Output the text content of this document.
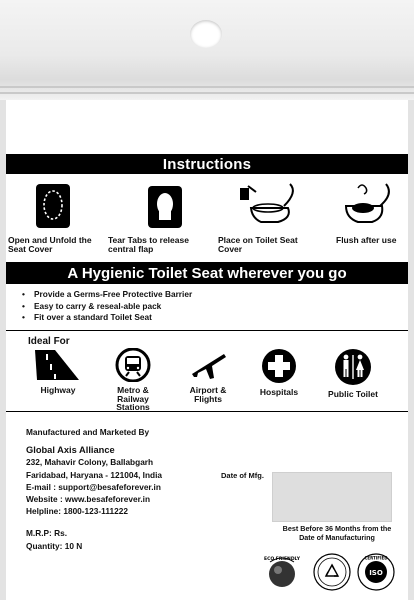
Instructions
Open and Unfold the Seat Cover
Tear Tabs to release central flap
Place on Toilet Seat Cover
Flush after use
A Hygienic Toilet Seat wherever you go
• Provide a Germs-Free Protective Barrier
• Easy to carry & reseal-able pack
• Fit over a standard Toilet Seat
Ideal For
Highway	Metro & Railway Stations
Airport & Flights
Hospitals	Public Toilet
Manufactured and Marketed By
Global Axis Alliance
232, Mahavir Colony, Ballabgarh
Faridabad, Haryana - 121004, India
E-mail : support@besafeforever.in
Website : www.besafeforever.in
Helpline: 1800-123-111222
M.R.P: Rs.
Quantity: 10 N
Date of Mfg.
Best Before 36 Months from the Date of Manufacturing
ECO FRIENDLY
ISO
CERTIFIED
